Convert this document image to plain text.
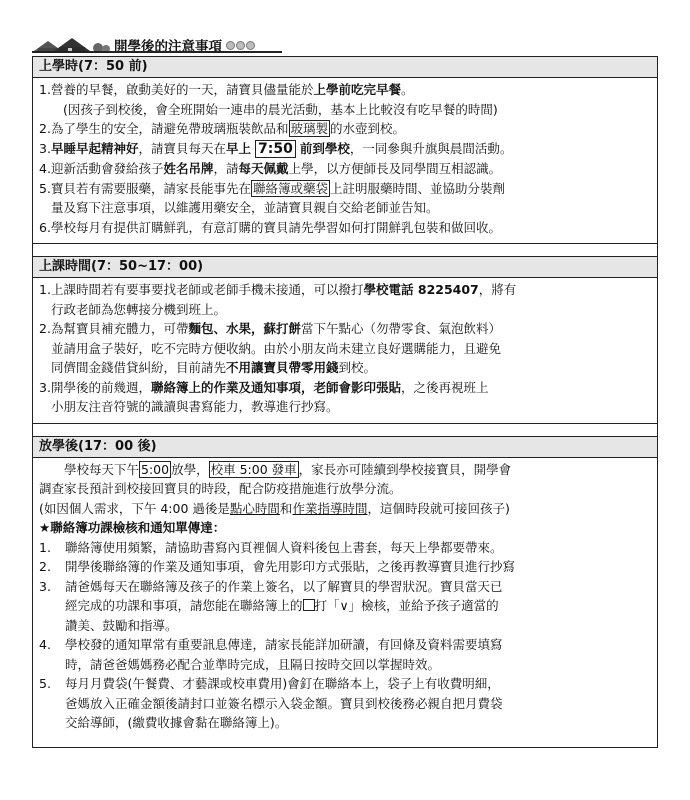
開學後的注意事項
上學時(7：50 前)

1. 營養的早餐，啟動美好的一天，請寶貝儘量能於上學前吃完早餐。
(因孩子到校後，會全班開始一連串的晨光活動，基本上比較沒有吃早餐的時間)
2. 為了學生的安全，請避免帶玻璃瓶裝飲品和 玻璃製 的水壺到校。
3. 早睡早起精神好，請寶貝每天在早上 7:50 前到學校，一同參與升旗與晨間活動。
4. 迎新活動會發給孩子姓名吊牌，請每天佩戴上學，以方便師長及同學間互相認識。
5. 寶貝若有需要服藥，請家長能事先在 聯絡簿或藥袋 上註明服藥時間、並協助分裝劑
量及寫下注意事項，以維護用藥安全，並請寶貝親自交給老師並告知。
6. 學校每月有提供訂購鮮乳，有意訂購的寶貝請先學習如何打開鮮乳包裝和做回收。

上課時間(7：50~17：00)

1. 上課時間若有要事要找老師或老師手機未接通，可以撥打學校電話 8225407，將有
行政老師為您轉接分機到班上。
2. 為幫寶貝補充體力，可帶麵包、水果，蘇打餅當下午點心（勿帶零食、氣泡飲料）
並請用盒子裝好，吃不完時方便收納。由於小朋友尚未建立良好選購能力，且避免
同儕間金錢借貸糾紛，目前請先不用讓寶貝帶零用錢到校。
3. 開學後的前幾週，聯絡簿上的作業及通知事項，老師會影印張貼，之後再視班上
小朋友注音符號的識讀與書寫能力，教導進行抄寫。

放學後(17：00 後)

學校每天下午 5:00 放學， 校車 5:00 發車 ，家長亦可陸續到學校接寶貝，開學會
調查家長預計到校接回寶貝的時段，配合防疫措施進行放學分流。
(如因個人需求，下午 4:00 過後是點心時間和作業指導時間，這個時段就可接回孩子)
★聯絡簿功課檢核和通知單傳達：
1.	聯絡簿使用頻繁，請協助書寫內頁裡個人資料後包上書套，每天上學都要帶來。
2.	開學後聯絡簿的作業及通知事項，會先用影印方式張貼，之後再教導寶貝進行抄寫
3.	請爸媽每天在聯絡簿及孩子的作業上簽名，以了解寶貝的學習狀況。寶貝當天已
經完成的功課和事項，請您能在聯絡簿上的 打「∨」檢核，並給予孩子適當的
讚美、鼓勵和指導。
4.	學校發的通知單常有重要訊息傳達，請家長能詳加研讀，有回條及資料需要填寫
時，請爸爸媽媽務必配合並準時完成，且隔日按時交回以掌握時效。
5.	每月月費袋(午餐費、才藝課或校車費用)會釘在聯絡本上，袋子上有收費明細，
爸媽放入正確金額後請封口並簽名標示入袋金額。寶貝到校後務必親自把月費袋
交給導師，(繳費收據會黏在聯絡簿上)。
